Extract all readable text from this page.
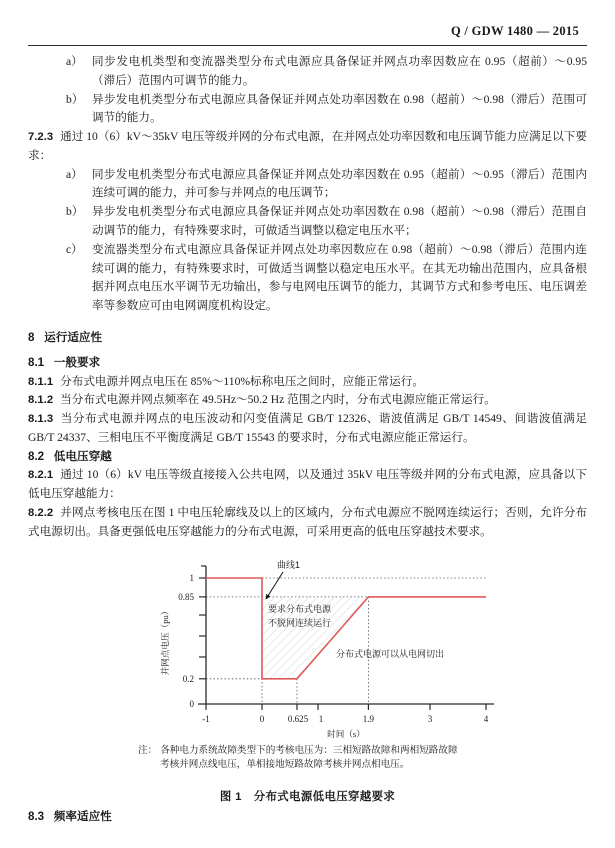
Q / GDW 1480 — 2015
a） 同步发电机类型和变流器类型分布式电源应具备保证并网点功率因数应在 0.95（超前）～0.95（滞后）范围内可调节的能力。
b） 异步发电机类型分布式电源应具备保证并网点处功率因数在 0.98（超前）～0.98（滞后）范围可调节的能力。

7.2.3 通过 10（6）kV～35kV 电压等级并网的分布式电源，在并网点处功率因数和电压调节能力应满足以下要求：

a） 同步发电机类型分布式电源应具备保证并网点处功率因数在 0.95（超前）～0.95（滞后）范围内连续可调的能力，并可参与并网点的电压调节；
b） 异步发电机类型分布式电源应具备保证并网点处功率因数在 0.98（超前）～0.98（滞后）范围自动调节的能力，有特殊要求时，可做适当调整以稳定电压水平；
c） 变流器类型分布式电源应具备保证并网点处功率因数应在 0.98（超前）～0.98（滞后）范围内连续可调的能力，有特殊要求时，可做适当调整以稳定电压水平。在其无功输出范围内，应具备根据并网点电压水平调节无功输出，参与电网电压调节的能力，其调节方式和参考电压、电压调差率等参数应可由电网调度机构设定。

8 运行适应性

8.1 一般要求

8.1.1 分布式电源并网点电压在 85%～110%标称电压之间时，应能正常运行。

8.1.2 当分布式电源并网点频率在 49.5Hz～50.2 Hz 范围之内时，分布式电源应能正常运行。

8.1.3 当分布式电源并网点的电压波动和闪变值满足 GB/T 12326、谐波值满足 GB/T 14549、间谐波值满足 GB/T 24337、三相电压不平衡度满足 GB/T 15543 的要求时，分布式电源应能正常运行。

8.2 低电压穿越

8.2.1 通过 10（6）kV 电压等级直接接入公共电网，以及通过 35kV 电压等级并网的分布式电源，应具备以下低电压穿越能力：

8.2.2 并网点考核电压在图 1 中电压轮廓线及以上的区域内，分布式电源应不脱网连续运行；否则，允许分布式电源切出。具备更强低电压穿越能力的分布式电源，可采用更高的低电压穿越技术要求。

1
0.85
0.2
0
-1	0	0.625 1	1.9	3	4
时间（s）
并网点电压（pu）
曲线1
要求分布式电源
不脱网连续运行
分布式电源可以从电网切出
注： 各种电力系统故障类型下的考核电压为：三相短路故障和两相短路故障
考核并网点线电压，单相接地短路故障考核并网点相电压。
图 1　分布式电源低电压穿越要求

8.3 频率适应性
